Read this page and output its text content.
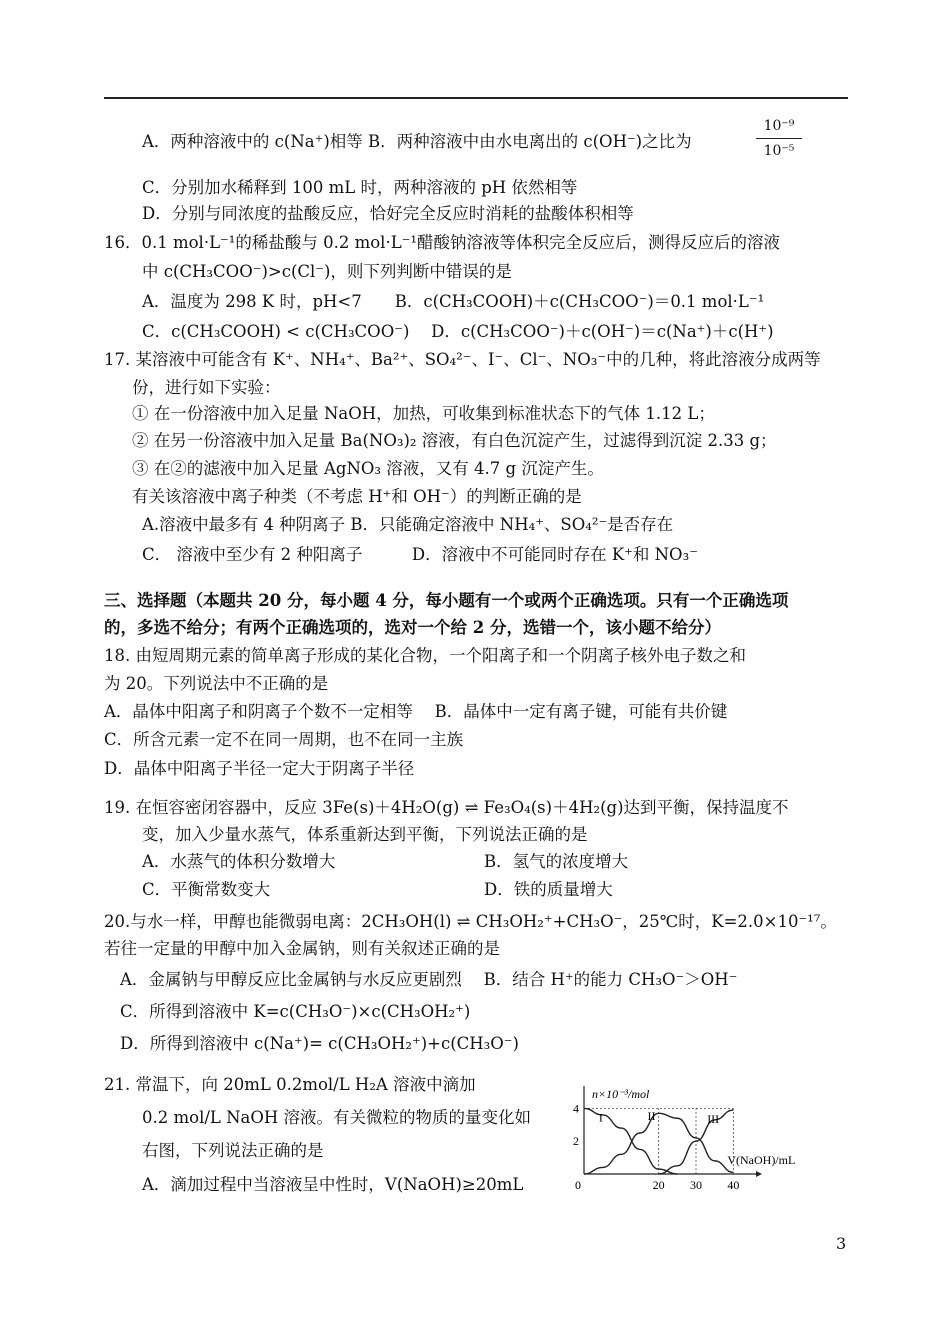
A．两种溶液中的 c(Na⁺)相等 B．两种溶液中由水电离出的 c(OH⁻)之比为
10⁻⁹
10⁻⁵
C．分别加水稀释到 100 mL 时，两种溶液的 pH 依然相等
D．分别与同浓度的盐酸反应，恰好完全反应时消耗的盐酸体积相等
16．0.1 mol·L⁻¹的稀盐酸与 0.2 mol·L⁻¹醋酸钠溶液等体积完全反应后，测得反应后的溶液
中 c(CH₃COO⁻)>c(Cl⁻)，则下列判断中错误的是
A．温度为 298 K 时，pH<7　　B．c(CH₃COOH)＋c(CH₃COO⁻)＝0.1 mol·L⁻¹
C．c(CH₃COOH) < c(CH₃COO⁻)　 D．c(CH₃COO⁻)＋c(OH⁻)＝c(Na⁺)＋c(H⁺)
17. 某溶液中可能含有 K⁺、NH₄⁺、Ba²⁺、SO₄²⁻、I⁻、Cl⁻、NO₃⁻中的几种，将此溶液分成两等
份，进行如下实验：
① 在一份溶液中加入足量 NaOH，加热，可收集到标准状态下的气体 1.12 L；
② 在另一份溶液中加入足量 Ba(NO₃)₂ 溶液，有白色沉淀产生，过滤得到沉淀 2.33 g；
③ 在②的滤液中加入足量 AgNO₃ 溶液，又有 4.7 g 沉淀产生。
有关该溶液中离子种类（不考虑 H⁺和 OH⁻）的判断正确的是
A.溶液中最多有 4 种阴离子 B．只能确定溶液中 NH₄⁺、SO₄²⁻是否存在
C． 溶液中至少有 2 种阳离子　　　D．溶液中不可能同时存在 K⁺和 NO₃⁻
三、选择题（本题共 20 分，每小题 4 分，每小题有一个或两个正确选项。只有一个正确选项
的，多选不给分；有两个正确选项的，选对一个给 2 分，选错一个，该小题不给分）
18. 由短周期元素的简单离子形成的某化合物，一个阳离子和一个阴离子核外电子数之和
为 20。下列说法中不正确的是
A．晶体中阳离子和阴离子个数不一定相等　 B．晶体中一定有离子键，可能有共价键
C．所含元素一定不在同一周期，也不在同一主族
D．晶体中阳离子半径一定大于阴离子半径
19. 在恒容密闭容器中，反应 3Fe(s)＋4H₂O(g) ⇌ Fe₃O₄(s)＋4H₂(g)达到平衡，保持温度不
变，加入少量水蒸气，体系重新达到平衡，下列说法正确的是
A．水蒸气的体积分数增大	B．氢气的浓度增大
C．平衡常数变大	D．铁的质量增大
20.与水一样，甲醇也能微弱电离：2CH₃OH(l) ⇌ CH₃OH₂⁺+CH₃O⁻，25℃时，K=2.0×10⁻¹⁷。
若往一定量的甲醇中加入金属钠，则有关叙述正确的是
A．金属钠与甲醇反应比金属钠与水反应更剧烈　 B．结合 H⁺的能力 CH₃O⁻＞OH⁻
C．所得到溶液中 K=c(CH₃O⁻)×c(CH₃OH₂⁺)
D．所得到溶液中 c(Na⁺)= c(CH₃OH₂⁺)+c(CH₃O⁻)
21. 常温下，向 20mL 0.2mol/L H₂A 溶液中滴加
0.2 mol/L NaOH 溶液。有关微粒的物质的量变化如
右图，下列说法正确的是
A．滴加过程中当溶液呈中性时，V(NaOH)≥20mL	0	20 30 40
4
2
n×10⁻³/mol
V(NaOH)/mL
I	II	III
3
